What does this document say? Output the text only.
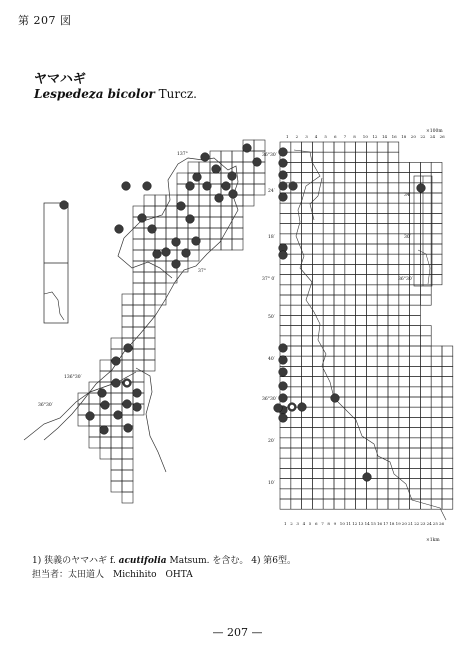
第 207 図
ヤマハギ
Lespedeza bicolor Turcz.
137°
37°
136°30′
36°30′
×100m
×1km
36°30′
24′
18′
37° 0′
50′
40′
36°30′
20′
10′
34′
30′
36°30′
1 2 3 4 5 6 7 8 10 12 14 16 18 20 22 24 26
1 2 3 4 5 6 7 8 9 10 11 12 13 14 15 16 17 18 19 20 21 22 23 24 25 26
1) 狭義のヤマハギ f. acutifolia Matsum. を含む。 4) 第6型。
担当者：太田道人　Michihito　OHTA
— 207 —
